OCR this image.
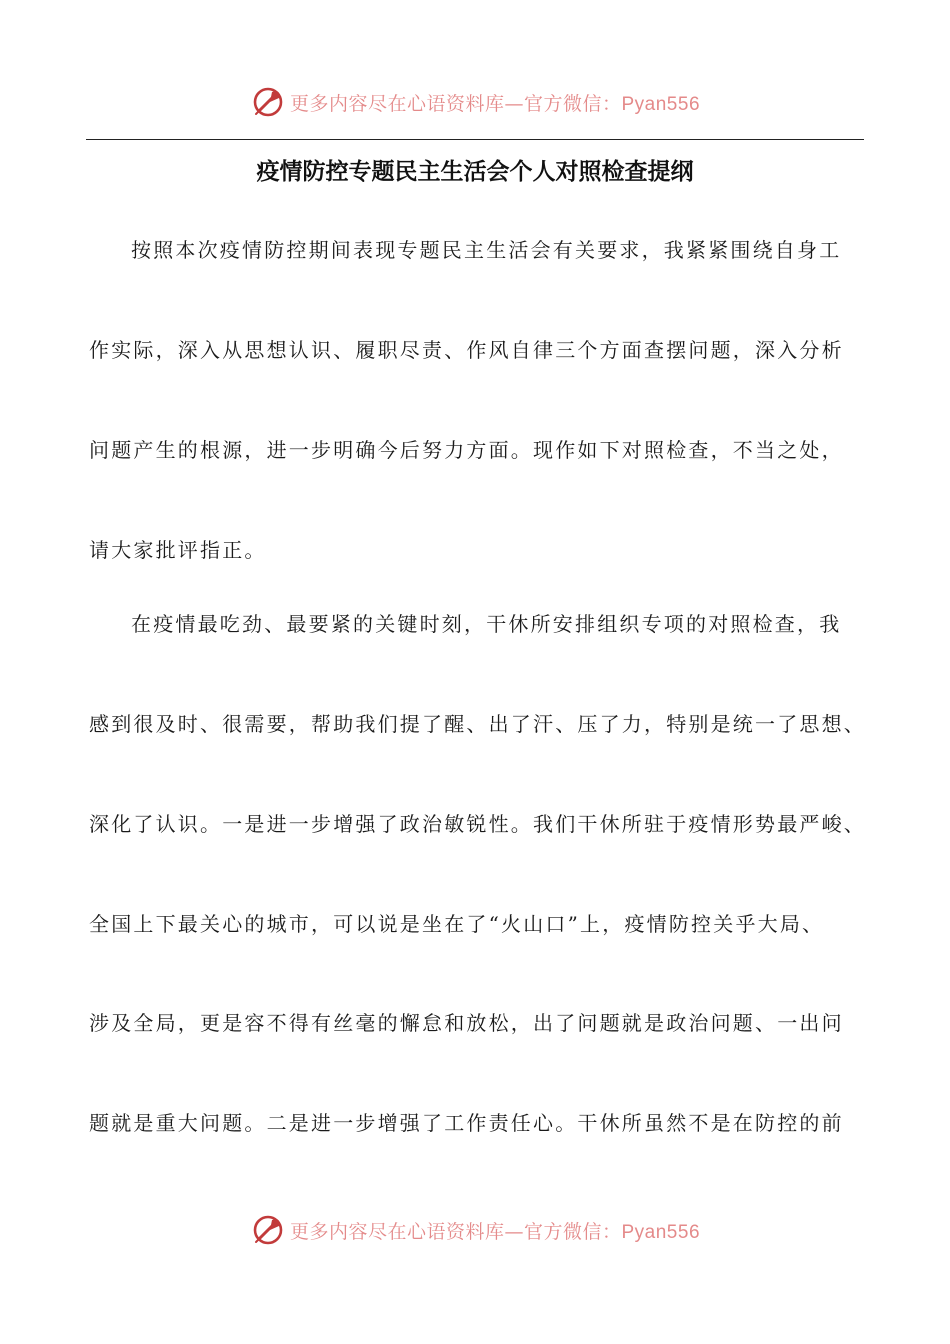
更多内容尽在心语资料库—官方微信：Pyan556
疫情防控专题民主生活会个人对照检查提纲
按照本次疫情防控期间表现专题民主生活会有关要求，我紧紧围绕自身工
作实际，深入从思想认识、履职尽责、作风自律三个方面查摆问题，深入分析
问题产生的根源，进一步明确今后努力方面。现作如下对照检查，不当之处，
请大家批评指正。
在疫情最吃劲、最要紧的关键时刻，干休所安排组织专项的对照检查，我
感到很及时、很需要，帮助我们提了醒、出了汗、压了力，特别是统一了思想、
深化了认识。一是进一步增强了政治敏锐性。我们干休所驻于疫情形势最严峻、
全国上下最关心的城市，可以说是坐在了“火山口”上，疫情防控关乎大局、
涉及全局，更是容不得有丝毫的懈怠和放松，出了问题就是政治问题、一出问
题就是重大问题。二是进一步增强了工作责任心。干休所虽然不是在防控的前
更多内容尽在心语资料库—官方微信：Pyan556
